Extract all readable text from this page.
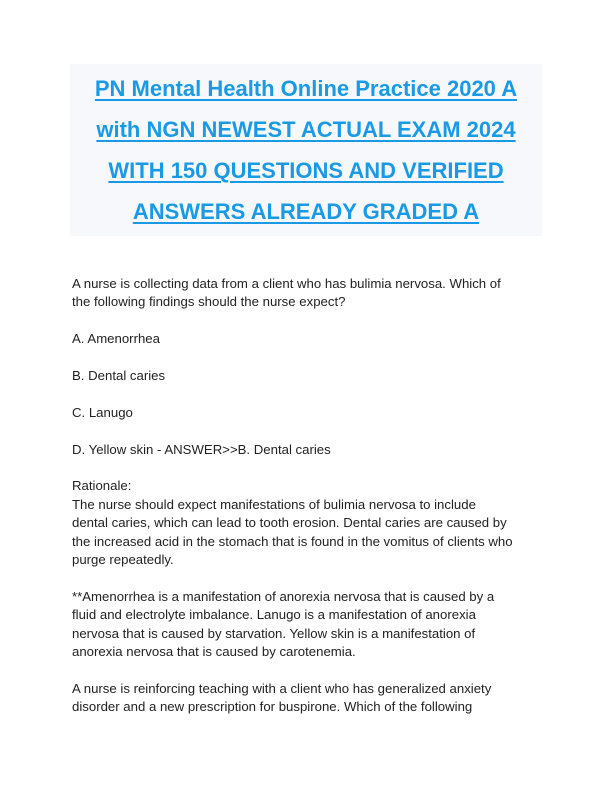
PN Mental Health Online Practice 2020 A
with NGN NEWEST ACTUAL EXAM 2024
WITH 150 QUESTIONS AND VERIFIED
ANSWERS ALREADY GRADED A

A nurse is collecting data from a client who has bulimia nervosa. Which of
the following findings should the nurse expect?

A. Amenorrhea

B. Dental caries

C. Lanugo

D. Yellow skin - ANSWER>>B. Dental caries

Rationale:
The nurse should expect manifestations of bulimia nervosa to include
dental caries, which can lead to tooth erosion. Dental caries are caused by
the increased acid in the stomach that is found in the vomitus of clients who
purge repeatedly.

**Amenorrhea is a manifestation of anorexia nervosa that is caused by a
fluid and electrolyte imbalance. Lanugo is a manifestation of anorexia
nervosa that is caused by starvation. Yellow skin is a manifestation of
anorexia nervosa that is caused by carotenemia.

A nurse is reinforcing teaching with a client who has generalized anxiety
disorder and a new prescription for buspirone. Which of the following
